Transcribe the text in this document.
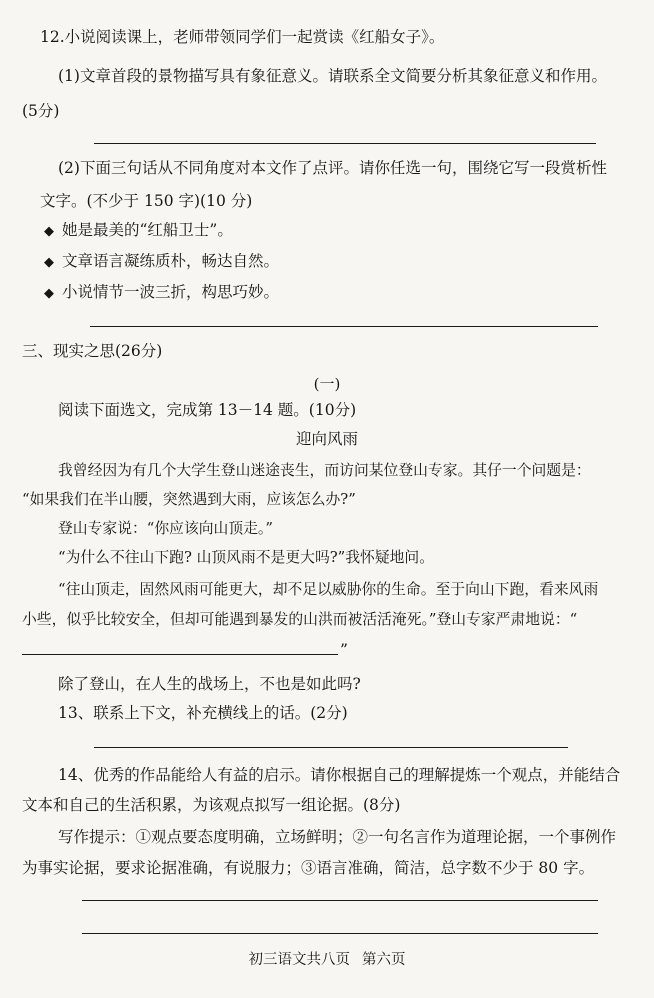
12.小说阅读课上，老师带领同学们一起赏读《红船女子》。
(1)文章首段的景物描写具有象征意义。请联系全文简要分析其象征意义和作用。
(5分)
(2)下面三句话从不同角度对本文作了点评。请你任选一句，围绕它写一段赏析性
文字。(不少于 150 字)(10 分)
◆ 她是最美的“红船卫士”。
◆ 文章语言凝练质朴，畅达自然。
◆ 小说情节一波三折，构思巧妙。
三、现实之思(26分)
(一)
阅读下面选文，完成第 13－14 题。(10分)
迎向风雨
我曾经因为有几个大学生登山迷途丧生，而访问某位登山专家。其仔一个问题是：
“如果我们在半山腰，突然遇到大雨，应该怎么办?”
登山专家说：“你应该向山顶走。”
“为什么不往山下跑? 山顶风雨不是更大吗?”我怀疑地问。
“往山顶走，固然风雨可能更大，却不足以威胁你的生命。至于向山下跑，看来风雨
小些，似乎比较安全，但却可能遇到暴发的山洪而被活活淹死。”登山专家严肃地说：“
”
除了登山，在人生的战场上，不也是如此吗?
13、联系上下文，补充横线上的话。(2分)
14、优秀的作品能给人有益的启示。请你根据自己的理解提炼一个观点，并能结合
文本和自己的生活积累，为该观点拟写一组论据。(8分)
写作提示：①观点要态度明确，立场鲜明；②一句名言作为道理论据，一个事例作
为事实论据，要求论据准确，有说服力；③语言准确，简洁，总字数不少于 80 字。
初三语文共八页 第六页
